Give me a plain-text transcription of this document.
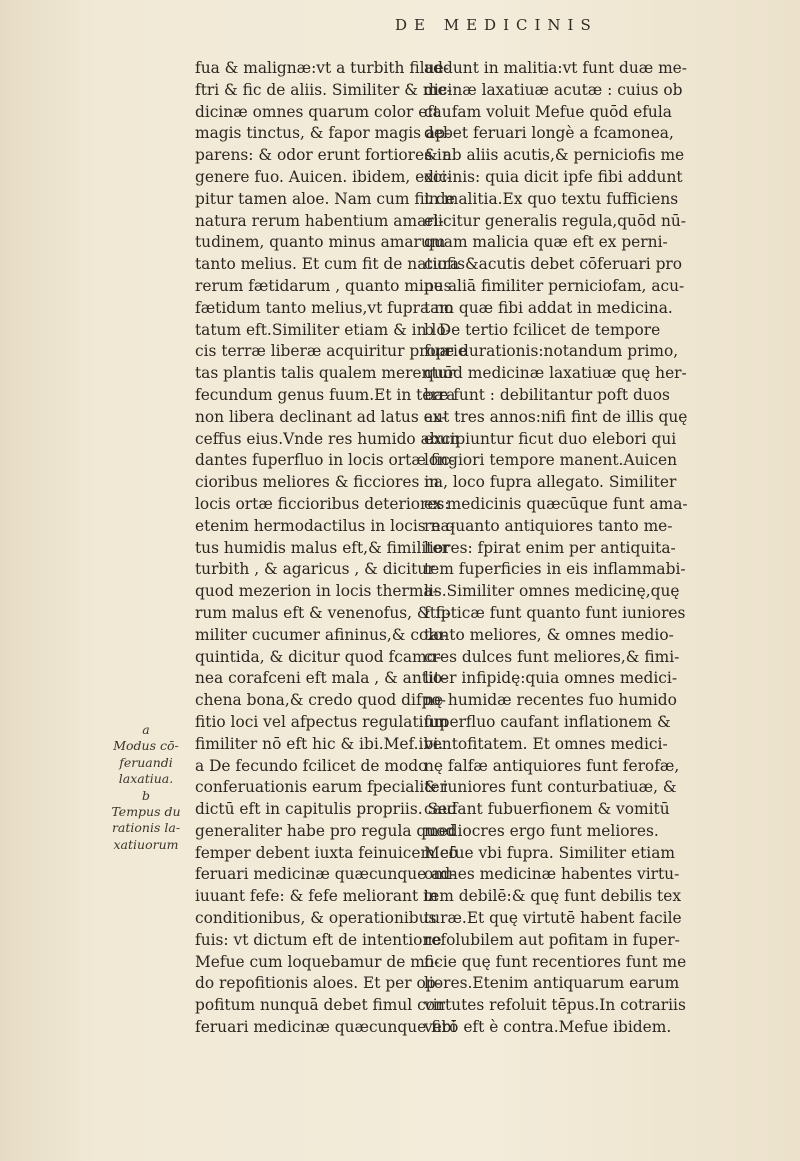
DE MEDICINIS
a
Modus cō-
feruandi
laxatiua.
b
Tempus du
rationis la-
xatiuorum
fua & malignæ:vt a turbith filue-
ftri & fic de aliis. Similiter & me-
dicinæ omnes quarum color eft
magis tinctus, & fapor magis ap-
parens: & odor erunt fortiores in
genere fuo. Auicen. ibidem, exci-
pitur tamen aloe. Nam cum fit de
natura rerum habentium amari-
tudinem, quanto minus amarum
tanto melius. Et cum fit de natura
rerum fætidarum , quanto minus
fætidum tanto melius,vt fupra no
tatum eft.Similiter etiam & in lo-
cis terræ liberæ acquiritur proprie
tas plantis talis qualem merentur
fecundum genus fuum.Et in terra
non libera declinant ad latus ex-
ceffus eius.Vnde res humido abun
dantes fuperfluo in locis ortæ fic-
cioribus meliores & ficciores in
locis ortæ ficcioribus deteriores:
etenim hermodactilus in locis na-
tus humidis malus eft,& fimiliter
turbith , & agaricus , & dicitur
quod mezerion in locis therma-
rum malus eft & venenofus, & fi-
militer cucumer afininus,& colo-
quintida, & dicitur quod fcamo-
nea corafceni eft mala , & antio-
chena bona,& credo quod difpo-
fitio loci vel afpectus regulatium
fimiliter nō eft hic & ibi.Mef.ibi.
a De fecundo fcilicet de modo
conferuationis earum fpecialiter
dictū eft in capitulis propriis. Sed
generaliter habe pro regula quod
femper debent iuxta feinuicem cō
feruari medicinæ quæcunque ad-
iuuant fefe: & fefe meliorant in
conditionibus, & operationibus
fuis: vt dictum eft de intentione
Mefue cum loquebamur de mo-
do repofitionis aloes. Et per op-
pofitum nunquā debet fimul con
feruari medicinæ quæcunque fibi
addunt in malitia:vt funt duæ me-
dicinæ laxatiuæ acutæ : cuius ob
caufam voluit Mefue quōd efula
debet feruari longè a fcamonea,
& ab aliis acutis,& perniciofis me
dicinis: quia dicit ipfe fibi addunt
in malitia.Ex quo textu fufficiens
elicitur generalis regula,quōd nū-
quam malicia quæ eft ex perni-
ciofis&acutis debet cōferuari pro
pe aliā fimiliter perniciofam, acu-
tam quæ fibi addat in medicina.
b De tertio fcilicet de tempore
fuæ durationis:notandum primo,
quōd medicinæ laxatiuæ quę her-
bæ funt : debilitantur poft duos
aut tres annos:nifi fint de illis quę
excipiuntur ficut duo elebori qui
longiori tempore manent.Auicen
na, loco fupra allegato. Similiter
ex medicinis quæcūque funt ama-
re quanto antiquiores tanto me-
liores: fpirat enim per antiquita-
tem fuperficies in eis inflammabi-
lis.Similiter omnes medicinę,quę
ftipticæ funt quanto funt iuniores
tanto meliores, & omnes medio-
cres dulces funt meliores,& fimi-
liter infipidę:quia omnes medici-
nę humidæ recentes fuo humido
fuperfluo caufant inflationem &
ventofitatem. Et omnes medici-
nę falfæ antiquiores funt ferofæ,
& iuniores funt conturbatiuæ, &
caufant fubuerfionem & vomitū
mediocres ergo funt meliores.
Mefue vbi fupra. Similiter etiam
omnes medicinæ habentes virtu-
tem debilē:& quę funt debilis tex
turæ.Et quę virtutē habent facile
refolubilem aut pofitam in fuper-
ficie quę funt recentiores funt me
liores.Etenim antiquarum earum
virtutes refoluit tēpus.In cotrariis
verō eft è contra.Mefue ibidem.
